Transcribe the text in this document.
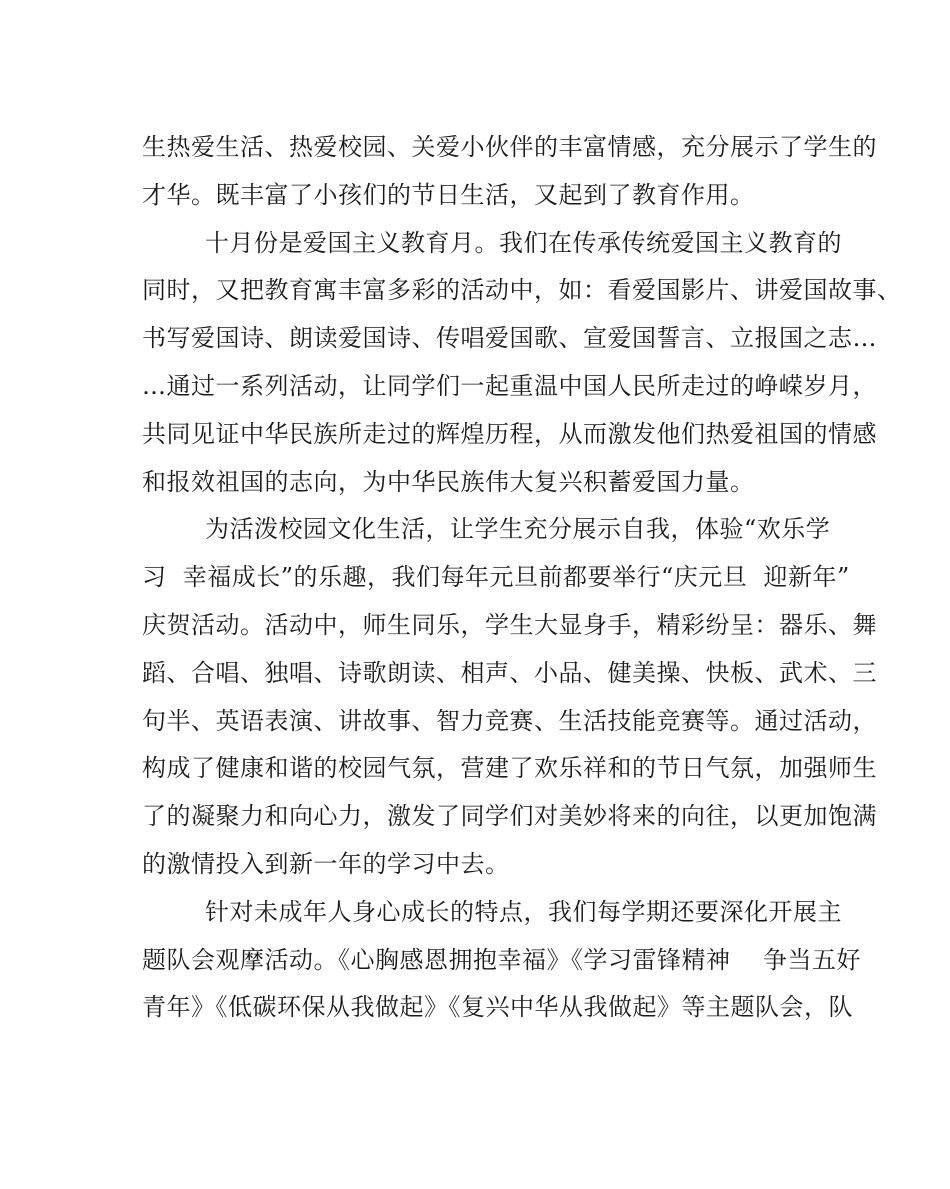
生热爱生活、热爱校园、关爱小伙伴的丰富情感，充分展示了学生的
才华。既丰富了小孩们的节日生活，又起到了教育作用。
十月份是爱国主义教育月。我们在传承传统爱国主义教育的
同时，又把教育寓丰富多彩的活动中，如：看爱国影片、讲爱国故事、
书写爱国诗、朗读爱国诗、传唱爱国歌、宣爱国誓言、立报国之志…
…通过一系列活动，让同学们一起重温中国人民所走过的峥嵘岁月，
共同见证中华民族所走过的辉煌历程，从而激发他们热爱祖国的情感
和报效祖国的志向，为中华民族伟大复兴积蓄爱国力量。
为活泼校园文化生活，让学生充分展示自我，体验“欢乐学
习  幸福成长”的乐趣，我们每年元旦前都要举行“庆元旦  迎新年”
庆贺活动。活动中，师生同乐，学生大显身手，精彩纷呈：器乐、舞
蹈、合唱、独唱、诗歌朗读、相声、小品、健美操、快板、武术、三
句半、英语表演、讲故事、智力竞赛、生活技能竞赛等。通过活动，
构成了健康和谐的校园气氛，营建了欢乐祥和的节日气氛，加强师生
了的凝聚力和向心力，激发了同学们对美妙将来的向往，以更加饱满
的激情投入到新一年的学习中去。
针对未成年人身心成长的特点，我们每学期还要深化开展主
题队会观摩活动。《心胸感恩拥抱幸福》《学习雷锋精神    争当五好
青年》《低碳环保从我做起》《复兴中华从我做起》等主题队会，队
